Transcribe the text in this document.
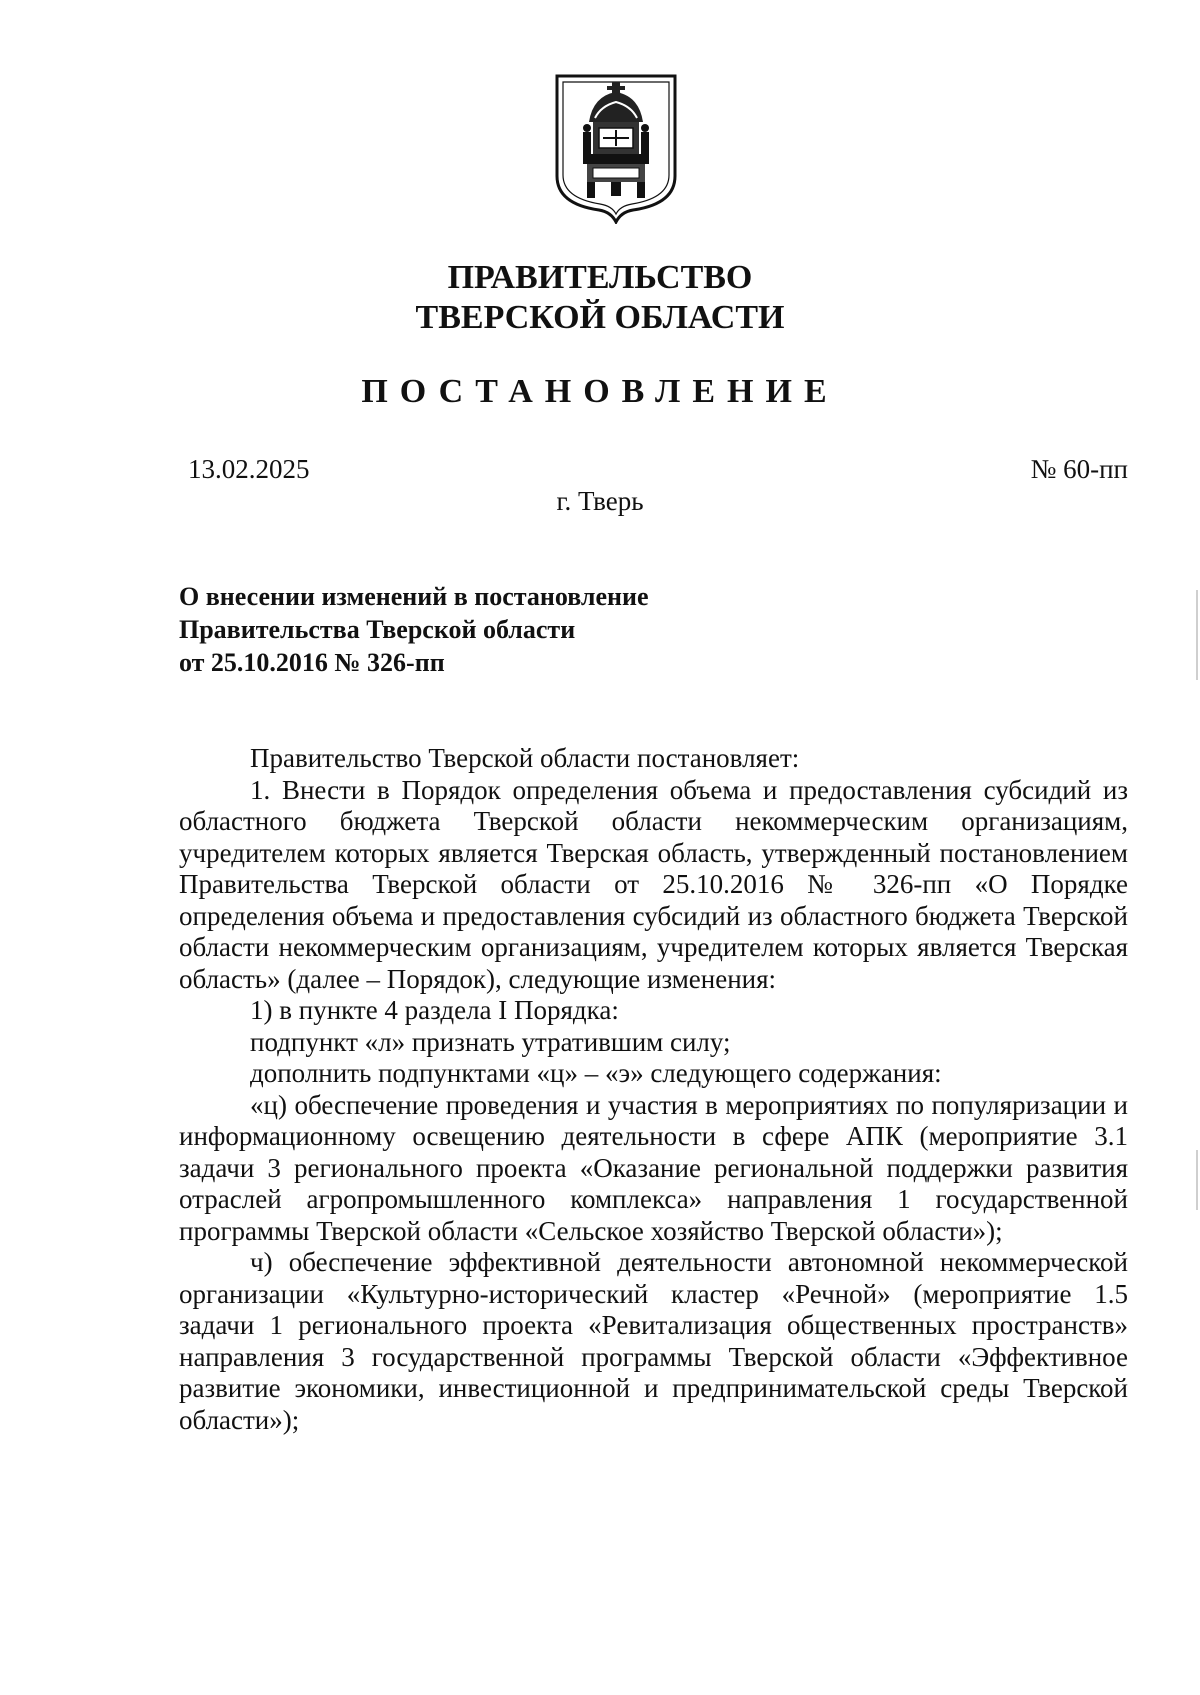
ПРАВИТЕЛЬСТВО
ТВЕРСКОЙ ОБЛАСТИ
ПОСТАНОВЛЕНИЕ
13.02.2025	№ 60-пп
г. Тверь
О внесении изменений в постановление
Правительства Тверской области
от 25.10.2016 № 326-пп

Правительство Тверской области постановляет:

1. Внести в Порядок определения объема и предоставления субсидий из областного бюджета Тверской области некоммерческим организациям, учредителем которых является Тверская область, утвержденный постановлением Правительства Тверской области от 25.10.2016 № 326-пп «О Порядке определения объема и предоставления субсидий из областного бюджета Тверской области некоммерческим организациям, учредителем которых является Тверская область» (далее – Порядок), следующие изменения:

1) в пункте 4 раздела I Порядка:

подпункт «л» признать утратившим силу;

дополнить подпунктами «ц» – «э» следующего содержания:

«ц) обеспечение проведения и участия в мероприятиях по популяризации и информационному освещению деятельности в сфере АПК (мероприятие 3.1 задачи 3 регионального проекта «Оказание региональной поддержки развития отраслей агропромышленного комплекса» направления 1 государственной программы Тверской области «Сельское хозяйство Тверской области»);

ч) обеспечение эффективной деятельности автономной некоммерческой организации «Культурно-исторический кластер «Речной» (мероприятие 1.5 задачи 1 регионального проекта «Ревитализация общественных пространств» направления 3 государственной программы Тверской области «Эффективное развитие экономики, инвестиционной и предпринимательской среды Тверской области»);
